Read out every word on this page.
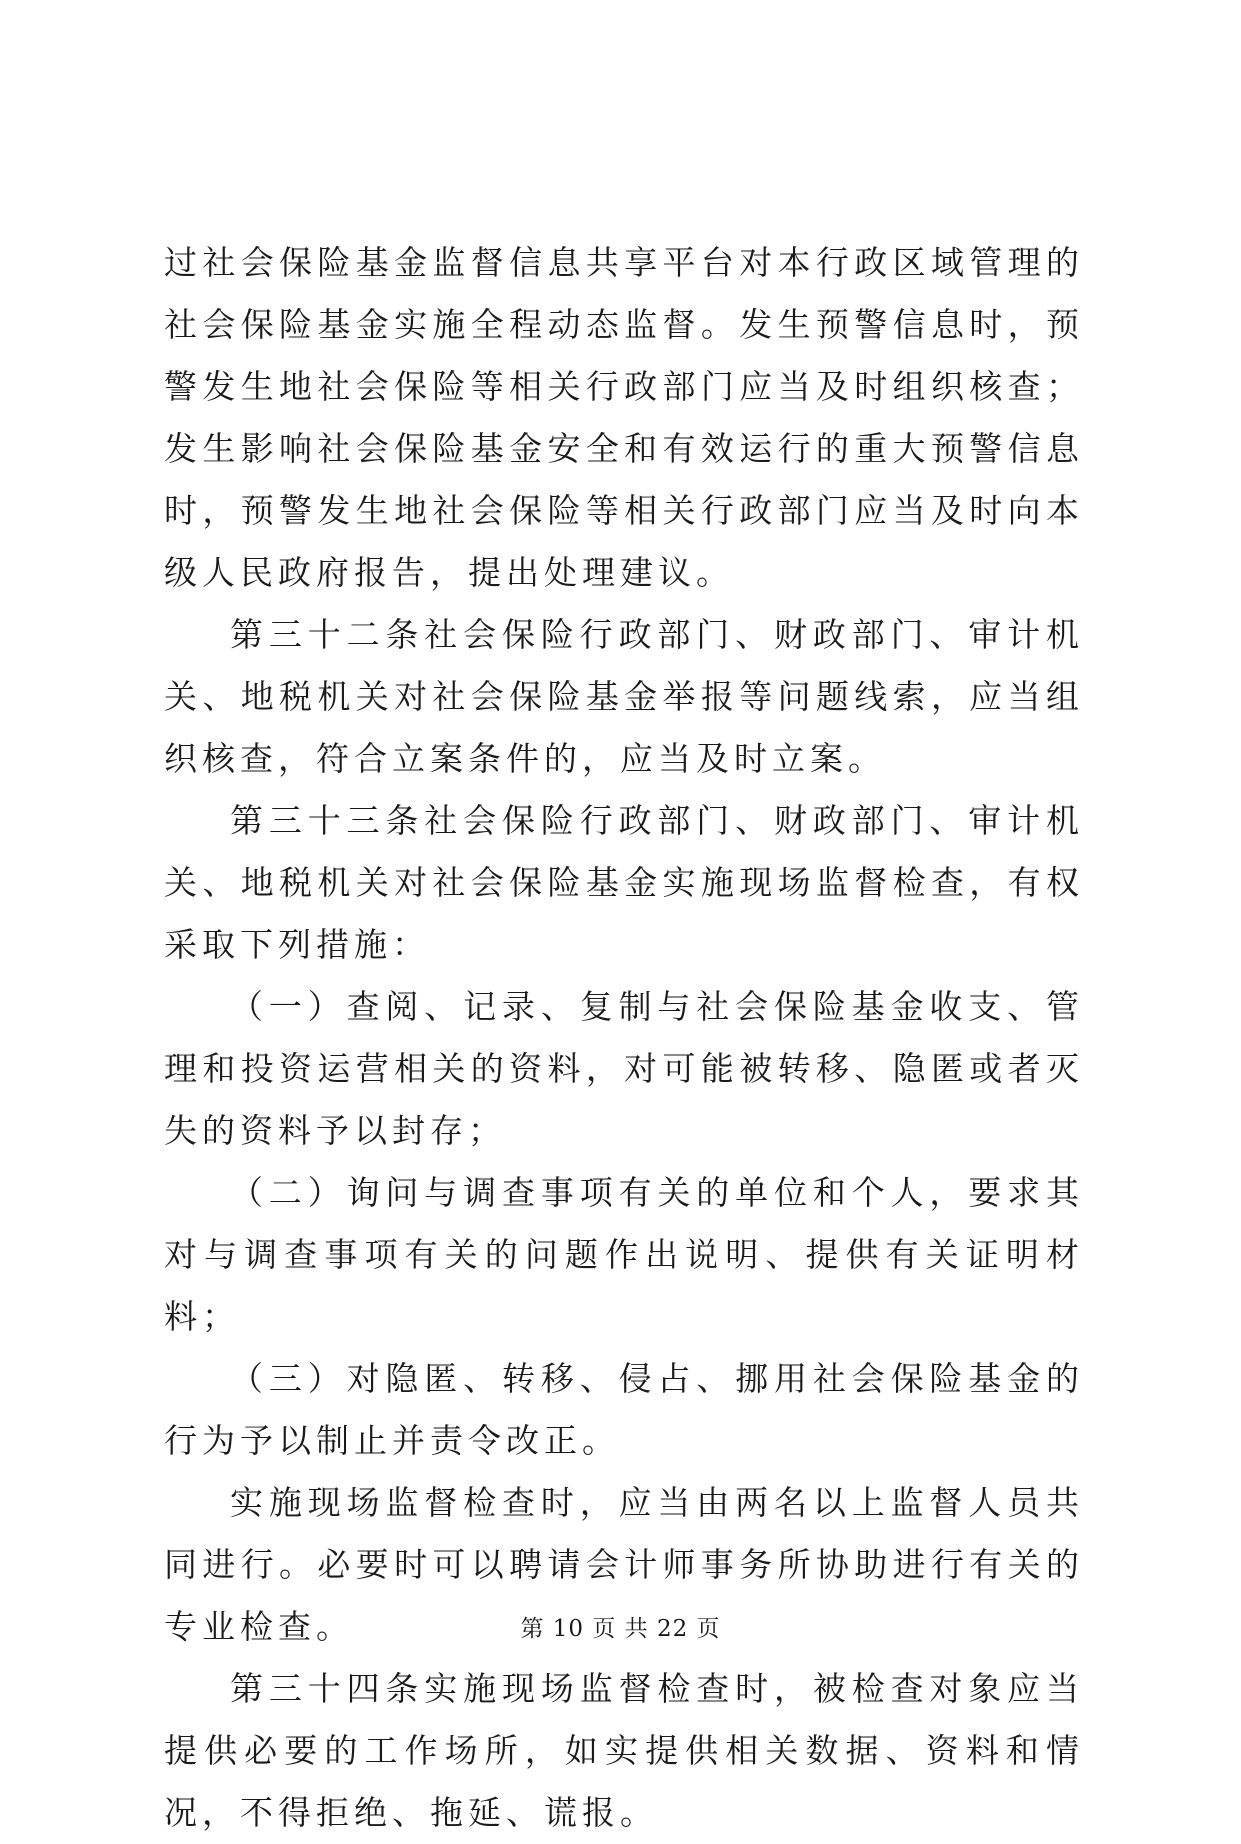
过社会保险基金监督信息共享平台对本行政区域管理的社会保险基金实施全程动态监督。发生预警信息时，预警发生地社会保险等相关行政部门应当及时组织核查；发生影响社会保险基金安全和有效运行的重大预警信息时，预警发生地社会保险等相关行政部门应当及时向本级人民政府报告，提出处理建议。

第三十二条社会保险行政部门、财政部门、审计机关、地税机关对社会保险基金举报等问题线索，应当组织核查，符合立案条件的，应当及时立案。

第三十三条社会保险行政部门、财政部门、审计机关、地税机关对社会保险基金实施现场监督检查，有权采取下列措施：

（一）查阅、记录、复制与社会保险基金收支、管理和投资运营相关的资料，对可能被转移、隐匿或者灭失的资料予以封存；

（二）询问与调查事项有关的单位和个人，要求其对与调查事项有关的问题作出说明、提供有关证明材料；

（三）对隐匿、转移、侵占、挪用社会保险基金的行为予以制止并责令改正。

实施现场监督检查时，应当由两名以上监督人员共同进行。必要时可以聘请会计师事务所协助进行有关的专业检查。

第三十四条实施现场监督检查时，被检查对象应当提供必要的工作场所，如实提供相关数据、资料和情况，不得拒绝、拖延、谎报。

第 10 页 共 22 页
